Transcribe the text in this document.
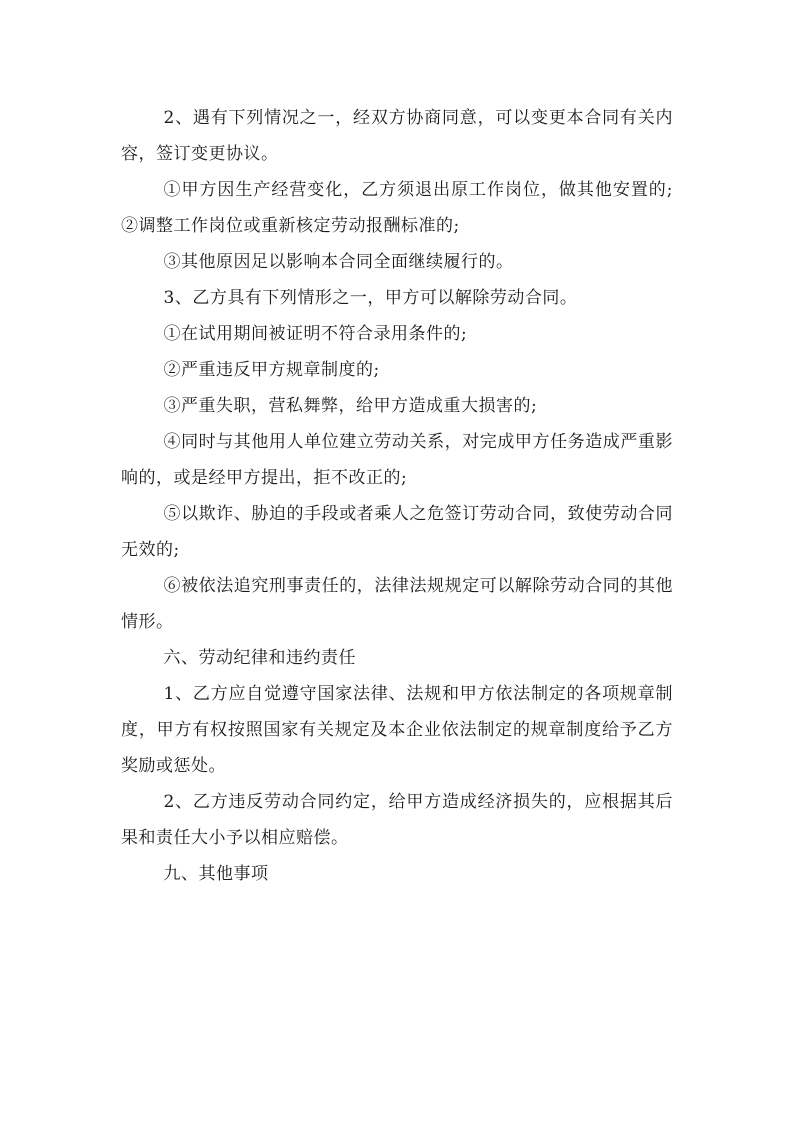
2、遇有下列情况之一，经双方协商同意，可以变更本合同有关内容，签订变更协议。

①甲方因生产经营变化，乙方须退出原工作岗位，做其他安置的; ②调整工作岗位或重新核定劳动报酬标准的;

③其他原因足以影响本合同全面继续履行的。

3、乙方具有下列情形之一，甲方可以解除劳动合同。

①在试用期间被证明不符合录用条件的;

②严重违反甲方规章制度的;

③严重失职，营私舞弊，给甲方造成重大损害的;

④同时与其他用人单位建立劳动关系，对完成甲方任务造成严重影响的，或是经甲方提出，拒不改正的;

⑤以欺诈、胁迫的手段或者乘人之危签订劳动合同，致使劳动合同无效的;

⑥被依法追究刑事责任的，法律法规规定可以解除劳动合同的其他情形。

六、劳动纪律和违约责任

1、乙方应自觉遵守国家法律、法规和甲方依法制定的各项规章制度，甲方有权按照国家有关规定及本企业依法制定的规章制度给予乙方奖励或惩处。

2、乙方违反劳动合同约定，给甲方造成经济损失的，应根据其后果和责任大小予以相应赔偿。

九、其他事项
